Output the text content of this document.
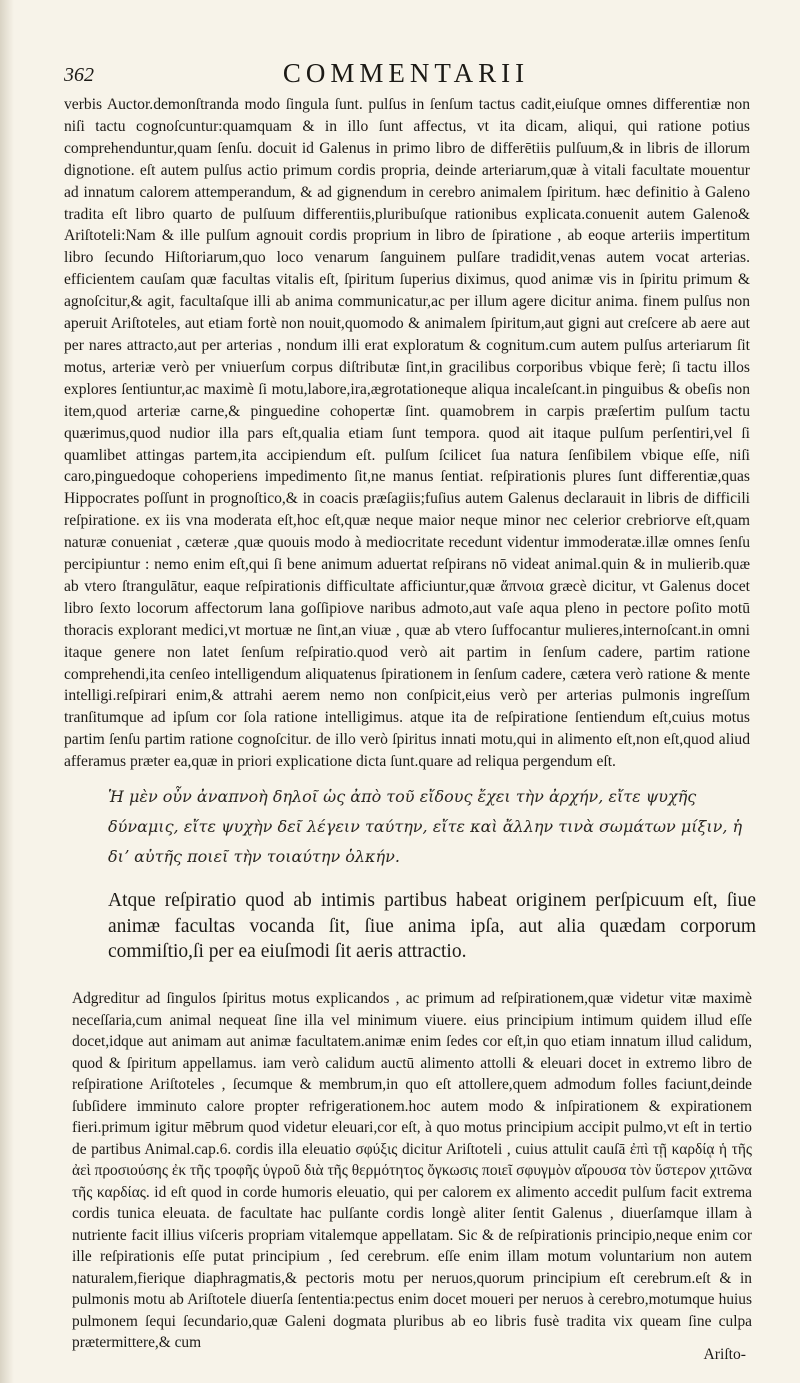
362	COMMENTARII

verbis Auctor.demonſtranda modo ſingula ſunt. pulſus in ſenſum tactus cadit,eiuſque omnes differentiæ non niſi tactu cognoſcuntur:quamquam & in illo ſunt affectus, vt ita dicam, aliqui, qui ratione potius comprehenduntur,quam ſenſu. docuit id Galenus in primo libro de differētiis pulſuum,& in libris de illorum dignotione. eſt autem pulſus actio primum cordis propria, deinde arteriarum,quæ à vitali facultate mouentur ad innatum calorem attemperandum, & ad gignendum in cerebro animalem ſpiritum. hæc definitio à Galeno tradita eſt libro quarto de pulſuum differentiis,pluribuſque rationibus explicata.conuenit autem Galeno& Ariſtoteli:Nam & ille pulſum agnouit cordis proprium in libro de ſpiratione , ab eoque arteriis impertitum libro ſecundo Hiſtoriarum,quo loco venarum ſanguinem pulſare tradidit,venas autem vocat arterias. efficientem cauſam quæ facultas vitalis eſt, ſpiritum ſuperius diximus, quod animæ vis in ſpiritu primum & agnoſcitur,& agit, facultaſque illi ab anima communicatur,ac per illum agere dicitur anima. finem pulſus non aperuit Ariſtoteles, aut etiam fortè non nouit,quomodo & animalem ſpiritum,aut gigni aut creſcere ab aere aut per nares attracto,aut per arterias , nondum illi erat exploratum & cognitum.cum autem pulſus arteriarum ſit motus, arteriæ verò per vniuerſum corpus diſtributæ ſint,in gracilibus corporibus vbique ferè; ſi tactu illos explores ſentiuntur,ac maximè ſi motu,labore,ira,ægrotationeque aliqua incaleſcant.in pinguibus & obeſis non item,quod arteriæ carne,& pinguedine cohopertæ ſint. quamobrem in carpis præſertim pulſum tactu quærimus,quod nudior illa pars eſt,qualia etiam ſunt tempora. quod ait itaque pulſum perſentiri,vel ſi quamlibet attingas partem,ita accipiendum eſt. pulſum ſcilicet ſua natura ſenſibilem vbique eſſe, niſi caro,pinguedoque cohoperiens impedimento ſit,ne manus ſentiat. reſpirationis plures ſunt differentiæ,quas Hippocrates poſſunt in prognoſtico,& in coacis præſagiis;fuſius autem Galenus declarauit in libris de difficili reſpiratione. ex iis vna moderata eſt,hoc eſt,quæ neque maior neque minor nec celerior crebriorve eſt,quam naturæ conueniat , cæteræ ,quæ quouis modo à mediocritate recedunt videntur immoderatæ.illæ omnes ſenſu percipiuntur : nemo enim eſt,qui ſi bene animum aduertat reſpirans nō videat animal.quin & in mulierib.quæ ab vtero ſtrangulātur, eaque reſpirationis difficultate afficiuntur,quæ ἄπνοια græcè dicitur, vt Galenus docet libro ſexto locorum affectorum lana goſſipiove naribus admoto,aut vaſe aqua pleno in pectore poſito motū thoracis explorant medici,vt mortuæ ne ſint,an viuæ , quæ ab vtero ſuffocantur mulieres,internoſcant.in omni itaque genere non latet ſenſum reſpiratio.quod verò ait partim in ſenſum cadere, partim ratione comprehendi,ita cenſeo intelligendum aliquatenus ſpirationem in ſenſum cadere, cætera verò ratione & mente intelligi.reſpirari enim,& attrahi aerem nemo non conſpicit,eius verò per arterias pulmonis ingreſſum tranſitumque ad ipſum cor ſola ratione intelligimus. atque ita de reſpiratione ſentiendum eſt,cuius motus partim ſenſu partim ratione cognoſcitur. de illo verò ſpiritus innati motu,qui in alimento eſt,non eſt,quod aliud afferamus præter ea,quæ in priori explicatione dicta ſunt.quare ad reliqua pergendum eſt.

Ἡ μὲν οὖν ἀναπνοὴ δηλοῖ ὡς ἀπὸ τοῦ εἴδους ἔχει τὴν ἀρχήν, εἴτε ψυχῆς δύναμις, εἴτε ψυχὴν δεῖ λέγειν ταύτην, εἴτε καὶ ἄλλην τινὰ σωμάτων μίξιν, ἡ διʼ αὐτῆς ποιεῖ τὴν τοιαύτην ὁλκήν.

Atque reſpiratio quod ab intimis partibus habeat originem perſpicuum eſt, ſiue animæ facultas vocanda ſit, ſiue anima ipſa, aut alia quædam corporum commiſtio,ſi per ea eiuſmodi ſit aeris attractio.

Adgreditur ad ſingulos ſpiritus motus explicandos , ac primum ad reſpirationem,quæ videtur vitæ maximè neceſſaria,cum animal nequeat ſine illa vel minimum viuere. eius principium intimum quidem illud eſſe docet,idque aut animam aut animæ facultatem.animæ enim ſedes cor eſt,in quo etiam innatum illud calidum, quod & ſpiritum appellamus. iam verò calidum auctū alimento attolli & eleuari docet in extremo libro de reſpiratione Ariſtoteles , ſecumque & membrum,in quo eſt attollere,quem admodum folles faciunt,deinde ſubſidere imminuto calore propter refrigerationem.hoc autem modo & inſpirationem & expirationem fieri.primum igitur mēbrum quod videtur eleuari,cor eſt, à quo motus principium accipit pulmo,vt eſt in tertio de partibus Animal.cap.6. cordis illa eleuatio σφύξις dicitur Ariſtoteli , cuius attulit cauſā ἐπὶ τῇ καρδίᾳ ἡ τῆς ἀεὶ προσιούσης ἐκ τῆς τροφῆς ὑγροῦ διὰ τῆς θερμότητος ὄγκωσις ποιεῖ σφυγμὸν αἴρουσα τὸν ὕστερον χιτῶνα τῆς καρδίας. id eſt quod in corde humoris eleuatio, qui per calorem ex alimento accedit pulſum facit extrema cordis tunica eleuata. de facultate hac pulſante cordis longè aliter ſentit Galenus , diuerſamque illam à nutriente facit illius viſceris propriam vitalemque appellatam. Sic & de reſpirationis principio,neque enim cor ille reſpirationis eſſe putat principium , ſed cerebrum. eſſe enim illam motum voluntarium non autem naturalem,fierique diaphragmatis,& pectoris motu per neruos,quorum principium eſt cerebrum.eſt & in pulmonis motu ab Ariſtotele diuerſa ſententia:pectus enim docet moueri per neruos à cerebro,motumque huius pulmonem ſequi ſecundario,quæ Galeni dogmata pluribus ab eo libris fusè tradita vix queam ſine culpa prætermittere,& cum

Ariſto-
